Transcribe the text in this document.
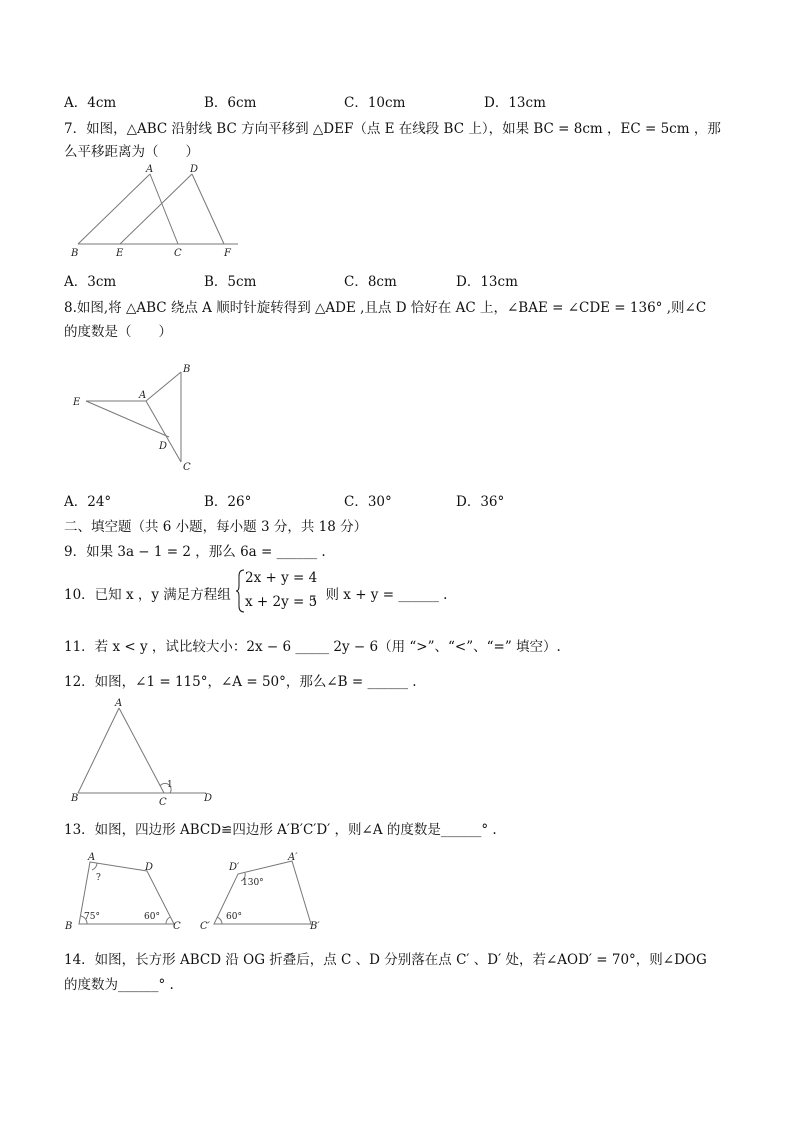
A．4cm	B．6cm	C．10cm	D．13cm
7．如图，△ABC 沿射线 BC 方向平移到 △DEF（点 E 在线段 BC 上），如果 BC = 8cm ，EC = 5cm ，那
么平移距离为（　　）
A	D
B	E	C	F
A．3cm	B．5cm	C．8cm	D．13cm
8.如图,将 △ABC 绕点 A 顺时针旋转得到 △ADE ,且点 D 恰好在 AC 上，∠BAE = ∠CDE = 136° ,则∠C
的度数是（　　）
E
A
B
D
C
A．24°	B．26°	C．30°	D．36°
二、填空题（共 6 小题，每小题 3 分，共 18 分）
9．如果 3a − 1 = 2 ，那么 6a = ______ .
10．已知 x ，y 满足方程组
2x + y = 4
x + 2y = 5
，则 x + y = ______ .
11．若 x < y ，试比较大小：2x − 6 _____ 2y − 6（用 “>”、“<”、“=” 填空）.
12．如图，∠1 = 115°，∠A = 50°，那么∠B = ______ .
A
B	C	D
1
13．如图，四边形 ABCD≌四边形 A′B′C′D′ ，则∠A 的度数是______° .
A
D
B	C
?
75°	60°
D′
A′
C′	B′
130°
60°
14．如图，长方形 ABCD 沿 OG 折叠后，点 C 、D 分别落在点 C′ 、D′ 处，若∠AOD′ = 70°，则∠DOG
的度数为______° .
